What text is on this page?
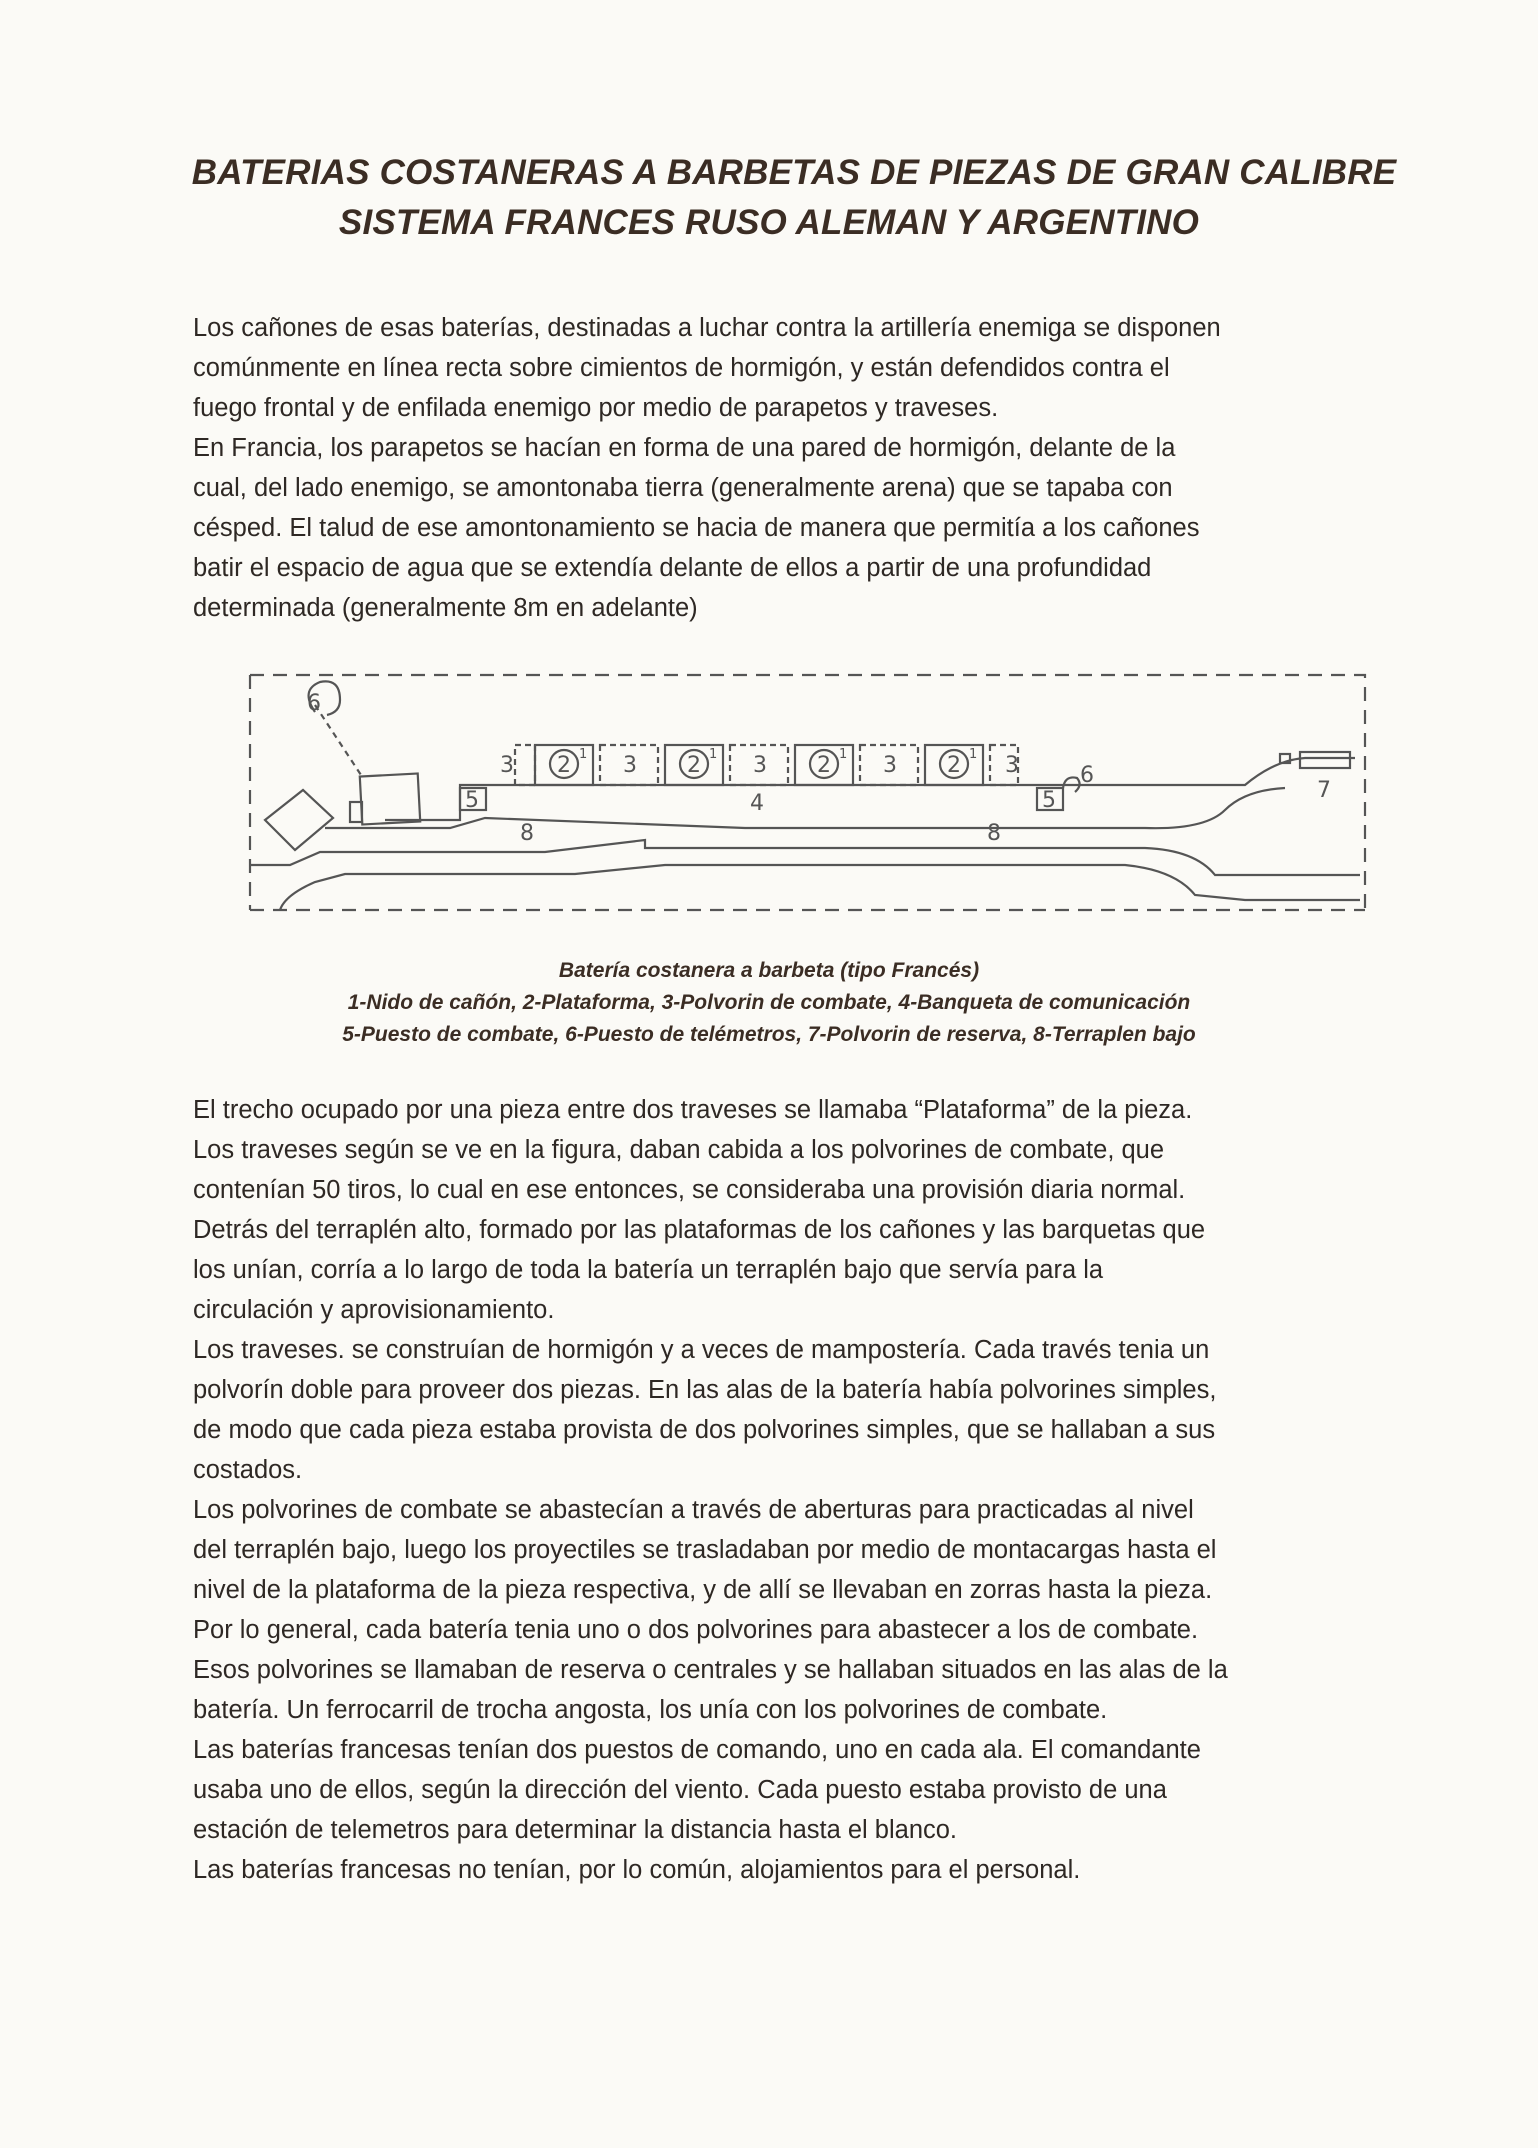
BATERIAS COSTANERAS A BARBETAS DE PIEZAS DE GRAN CALIBRE
SISTEMA FRANCES RUSO ALEMAN Y ARGENTINO

Los cañones de esas baterías, destinadas a luchar contra la artillería enemiga se disponen

comúnmente en línea recta sobre cimientos de hormigón, y están defendidos contra el

fuego frontal y de enfilada enemigo por medio de parapetos y traveses.

En Francia, los parapetos se hacían en forma de una pared de hormigón, delante de la

cual, del lado enemigo, se amontonaba tierra (generalmente arena) que se tapaba con

césped. El talud de ese amontonamiento se hacia de manera que permitía a los cañones

batir el espacio de agua que se extendía delante de ellos a partir de una profundidad

determinada (generalmente 8m en adelante)

6
3 2 3 2 3 2 3 2 3
5	5
6
4
7
8	8
1	1	1	1
Batería costanera a barbeta (tipo Francés)
1-Nido de cañón, 2-Plataforma, 3-Polvorin de combate, 4-Banqueta de comunicación
5-Puesto de combate, 6-Puesto de telémetros, 7-Polvorin de reserva, 8-Terraplen bajo

El trecho ocupado por una pieza entre dos traveses se llamaba “Plataforma” de la pieza.

Los traveses según se ve en la figura, daban cabida a los polvorines de combate, que

contenían 50 tiros, lo cual en ese entonces, se consideraba una provisión diaria normal.

Detrás del terraplén alto, formado por las plataformas de los cañones y las barquetas que

los unían, corría a lo largo de toda la batería un terraplén bajo que servía para la

circulación y aprovisionamiento.

Los traveses. se construían de hormigón y a veces de mampostería. Cada través tenia un

polvorín doble para proveer dos piezas. En las alas de la batería había polvorines simples,

de modo que cada pieza estaba provista de dos polvorines simples, que se hallaban a sus

costados.

Los polvorines de combate se abastecían a través de aberturas para practicadas al nivel

del terraplén bajo, luego los proyectiles se trasladaban por medio de montacargas hasta el

nivel de la plataforma de la pieza respectiva, y de allí se llevaban en zorras hasta la pieza.

Por lo general, cada batería tenia uno o dos polvorines para abastecer a los de combate.

Esos polvorines se llamaban de reserva o centrales y se hallaban situados en las alas de la

batería. Un ferrocarril de trocha angosta, los unía con los polvorines de combate.

Las baterías francesas tenían dos puestos de comando, uno en cada ala. El comandante

usaba uno de ellos, según la dirección del viento. Cada puesto estaba provisto de una

estación de telemetros para determinar la distancia hasta el blanco.

Las baterías francesas no tenían, por lo común, alojamientos para el personal.
